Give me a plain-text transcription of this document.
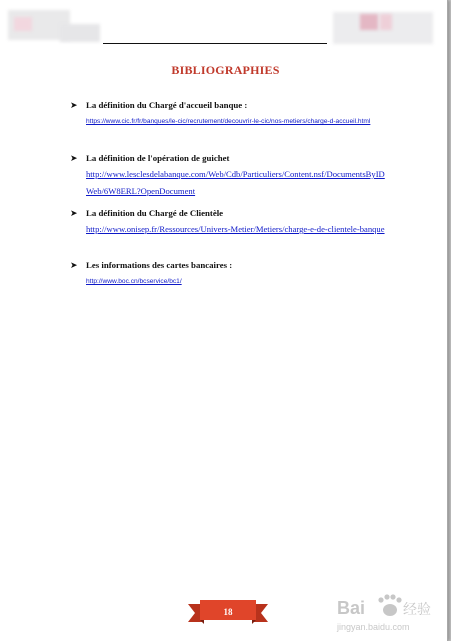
BIBLIOGRAPHIES
➤ La définition du Chargé d'accueil banque :
https://www.cic.fr/fr/banques/le-cic/recrutement/decouvrir-le-cic/nos-metiers/charge-d-accueil.html
➤ La définition de l'opération de guichet
http://www.lesclesdelabanque.com/Web/Cdb/Particuliers/Content.nsf/DocumentsByIDWeb/6W8ERL?OpenDocument
➤ La définition du Chargé de Clientèle
http://www.onisep.fr/Ressources/Univers-Metier/Metiers/charge-e-de-clientele-banque
➤ Les informations des cartes bancaires :
http://www.boc.cn/bcservice/bc1/
18	Bai	经验
jingyan.baidu.com
